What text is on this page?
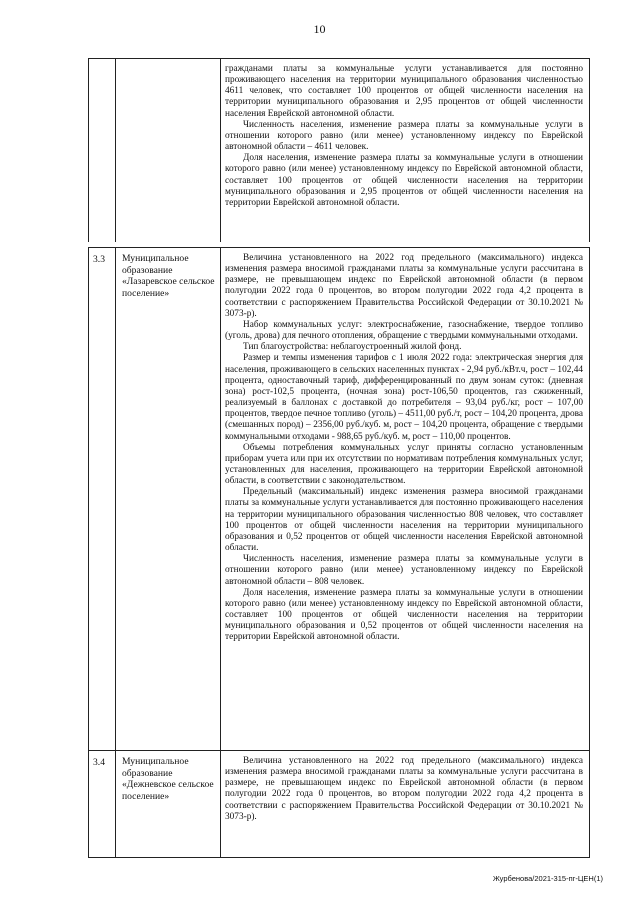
10

гражданами платы за коммунальные услуги устанавливается для постоянно проживающего населения на территории муниципального образования численностью 4611 человек, что составляет 100 процентов от общей численности населения на территории муниципального образования и 2,95 процентов от общей численности населения Еврейской автономной области.

Численность населения, изменение размера платы за коммунальные услуги в отношении которого равно (или менее) установленному индексу по Еврейской автономной области – 4611 человек.

Доля населения, изменение размера платы за коммунальные услуги в отношении которого равно (или менее) установленному индексу по Еврейской автономной области, составляет 100 процентов от общей численности населения на территории муниципального образования и 2,95 процентов от общей численности населения на территории Еврейской автономной области.

3.3	Муниципальное образование «Лазаревское сельское поселение»

Величина установленного на 2022 год предельного (максимального) индекса изменения размера вносимой гражданами платы за коммунальные услуги рассчитана в размере, не превышающем индекс по Еврейской автономной области (в первом полугодии 2022 года 0 процентов, во втором полугодии 2022 года 4,2 процента в соответствии с распоряжением Правительства Российской Федерации от 30.10.2021 № 3073-р).

Набор коммунальных услуг: электроснабжение, газоснабжение, твердое топливо (уголь, дрова) для печного отопления, обращение с твердыми коммунальными отходами.

Тип благоустройства: неблагоустроенный жилой фонд.

Размер и темпы изменения тарифов с 1 июля 2022 года: электрическая энергия для населения, проживающего в сельских населенных пунктах - 2,94 руб./кВт.ч, рост – 102,44 процента, одноставочный тариф, дифференцированный по двум зонам суток: (дневная зона) рост-102,5 процента, (ночная зона) рост-106,50 процентов, газ сжиженный, реализуемый в баллонах с доставкой до потребителя – 93,04 руб./кг, рост – 107,00 процентов, твердое печное топливо (уголь) – 4511,00 руб./т, рост – 104,20 процента, дрова (смешанных пород) – 2356,00 руб./куб. м, рост – 104,20 процента, обращение с твердыми коммунальными отходами - 988,65 руб./куб. м, рост – 110,00 процентов.

Объемы потребления коммунальных услуг приняты согласно установленным приборам учета или при их отсутствии по нормативам потребления коммунальных услуг, установленных для населения, проживающего на территории Еврейской автономной области, в соответствии с законодательством.

Предельный (максимальный) индекс изменения размера вносимой гражданами платы за коммунальные услуги устанавливается для постоянно проживающего населения на территории муниципального образования численностью 808 человек, что составляет 100 процентов от общей численности населения на территории муниципального образования и 0,52 процентов от общей численности населения Еврейской автономной области.

Численность населения, изменение размера платы за коммунальные услуги в отношении которого равно (или менее) установленному индексу по Еврейской автономной области – 808 человек.

Доля населения, изменение размера платы за коммунальные услуги в отношении которого равно (или менее) установленному индексу по Еврейской автономной области, составляет 100 процентов от общей численности населения на территории муниципального образования и 0,52 процентов от общей численности населения на территории Еврейской автономной области.

3.4	Муниципальное образование «Дежневское сельское поселение»

Величина установленного на 2022 год предельного (максимального) индекса изменения размера вносимой гражданами платы за коммунальные услуги рассчитана в размере, не превышающем индекс по Еврейской автономной области (в первом полугодии 2022 года 0 процентов, во втором полугодии 2022 года 4,2 процента в соответствии с распоряжением Правительства Российской Федерации от 30.10.2021 № 3073-р).

Журбенова/2021-315-пг-ЦЕН(1)
